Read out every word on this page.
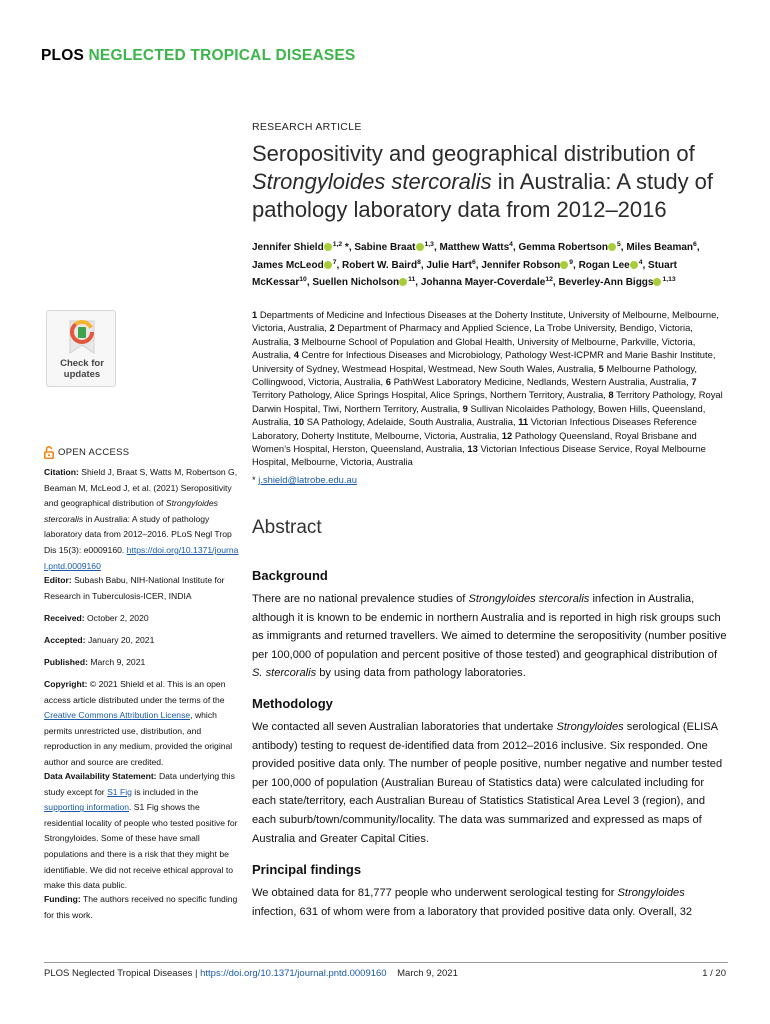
PLOS NEGLECTED TROPICAL DISEASES
RESEARCH ARTICLE
Seropositivity and geographical distribution of
Strongyloides stercoralis in Australia: A study of
pathology laboratory data from 2012–2016
Jennifer Shield $^{1,2}$ *, Sabine Braat $^{1,3}$, Matthew Watts$^4$, Gemma Robertson $^5$, Miles Beaman$^6$, James McLeod $^7$, Robert W. Baird$^8$, Julie Hart$^6$, Jennifer Robson $^9$, Rogan Lee $^4$, Stuart McKessar$^{10}$, Suellen Nicholson $^{11}$, Johanna Mayer-Coverdale$^{12}$, Beverley-Ann Biggs $^{1,13}$
1 Departments of Medicine and Infectious Diseases at the Doherty Institute, University of Melbourne, Melbourne, Victoria, Australia, 2 Department of Pharmacy and Applied Science, La Trobe University, Bendigo, Victoria, Australia, 3 Melbourne School of Population and Global Health, University of Melbourne, Parkville, Victoria, Australia, 4 Centre for Infectious Diseases and Microbiology, Pathology West-ICPMR and Marie Bashir Institute, University of Sydney, Westmead Hospital, Westmead, New South Wales, Australia, 5 Melbourne Pathology, Collingwood, Victoria, Australia, 6 PathWest Laboratory Medicine, Nedlands, Western Australia, Australia, 7 Territory Pathology, Alice Springs Hospital, Alice Springs, Northern Territory, Australia, 8 Territory Pathology, Royal Darwin Hospital, Tiwi, Northern Territory, Australia, 9 Sullivan Nicolaides Pathology, Bowen Hills, Queensland, Australia, 10 SA Pathology, Adelaide, South Australia, Australia, 11 Victorian Infectious Diseases Reference Laboratory, Doherty Institute, Melbourne, Victoria, Australia, 12 Pathology Queensland, Royal Brisbane and Women’s Hospital, Herston, Queensland, Australia, 13 Victorian Infectious Disease Service, Royal Melbourne Hospital, Melbourne, Victoria, Australia
* j.shield@latrobe.edu.au
Check for
updates
OPEN ACCESS
Citation: Shield J, Braat S, Watts M, Robertson G, Beaman M, McLeod J, et al. (2021) Seropositivity and geographical distribution of Strongyloides stercoralis in Australia: A study of pathology laboratory data from 2012–2016. PLoS Negl Trop Dis 15(3): e0009160. https://doi.org/10.1371/journal.pntd.0009160
Editor: Subash Babu, NIH-National Institute for Research in Tuberculosis-ICER, INDIA
Received: October 2, 2020
Accepted: January 20, 2021
Published: March 9, 2021
Copyright: © 2021 Shield et al. This is an open access article distributed under the terms of the Creative Commons Attribution License, which permits unrestricted use, distribution, and reproduction in any medium, provided the original author and source are credited.
Data Availability Statement: Data underlying this study except for S1 Fig is included in the supporting information. S1 Fig shows the residential locality of people who tested positive for Strongyloides. Some of these have small populations and there is a risk that they might be identifiable. We did not receive ethical approval to make this data public.
Funding: The authors received no specific funding for this work.
Abstract
Background

There are no national prevalence studies of Strongyloides stercoralis infection in Australia, although it is known to be endemic in northern Australia and is reported in high risk groups such as immigrants and returned travellers. We aimed to determine the seropositivity (number positive per 100,000 of population and percent positive of those tested) and geographical distribution of S. stercoralis by using data from pathology laboratories.

Methodology

We contacted all seven Australian laboratories that undertake Strongyloides serological (ELISA antibody) testing to request de-identified data from 2012–2016 inclusive. Six responded. One provided positive data only. The number of people positive, number negative and number tested per 100,000 of population (Australian Bureau of Statistics data) were calculated including for each state/territory, each Australian Bureau of Statistics Statistical Area Level 3 (region), and each suburb/town/community/locality. The data was summarized and expressed as maps of Australia and Greater Capital Cities.

Principal findings

We obtained data for 81,777 people who underwent serological testing for Strongyloides infection, 631 of whom were from a laboratory that provided positive data only. Overall, 32

PLOS Neglected Tropical Diseases | https://doi.org/10.1371/journal.pntd.0009160 March 9, 2021	1 / 20
